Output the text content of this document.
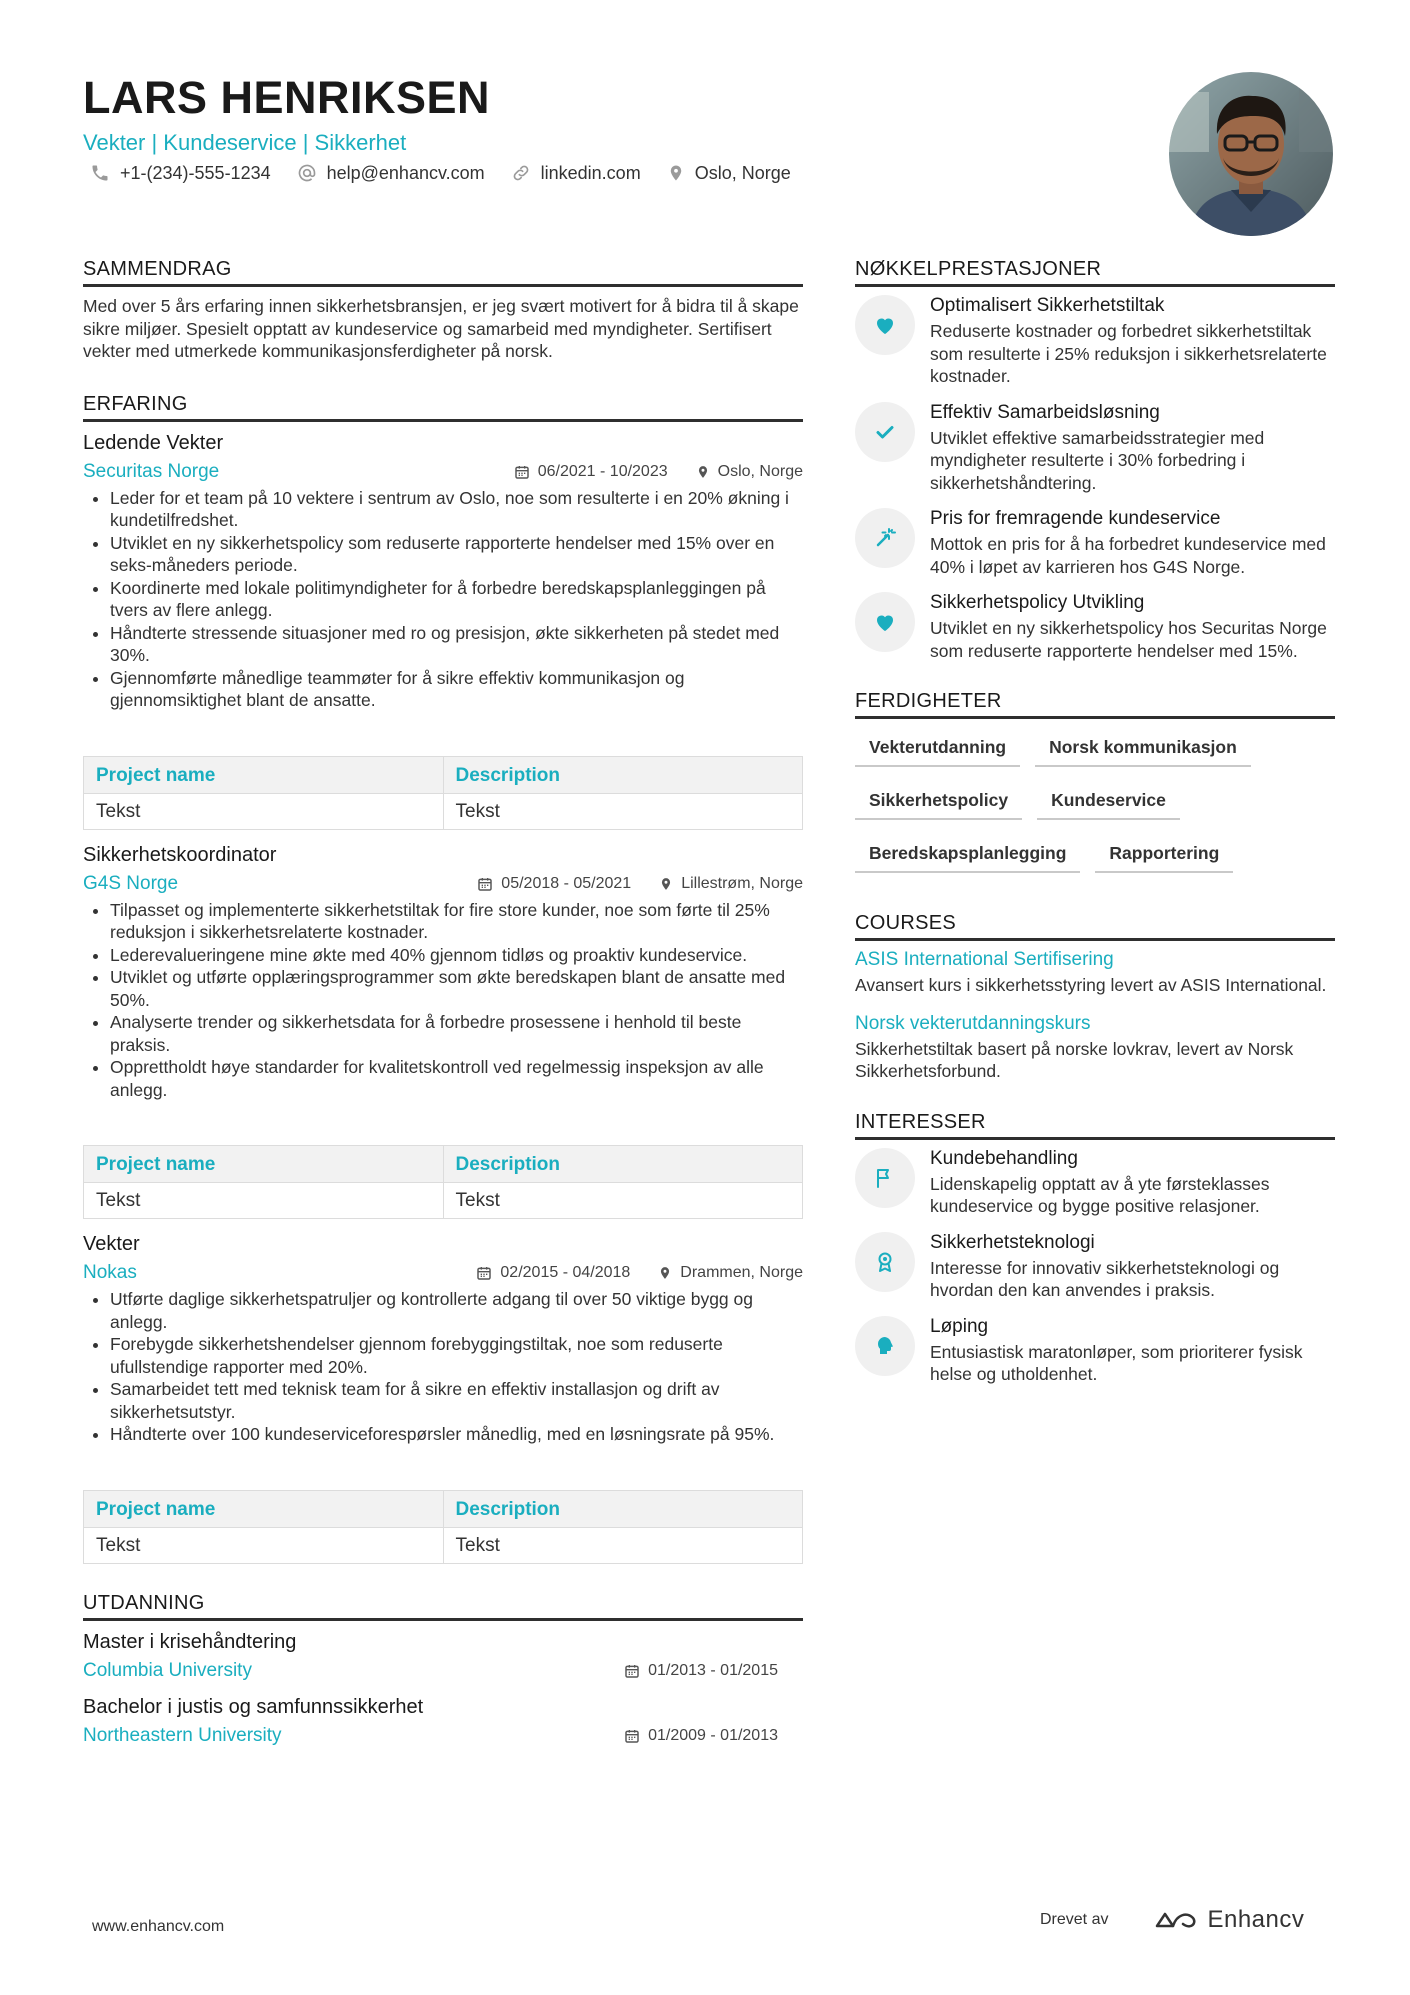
LARS HENRIKSEN
Vekter | Kundeservice | Sikkerhet
+1-(234)-555-1234	help@enhancv.com	linkedin.com	Oslo, Norge
SAMMENDRAG

Med over 5 års erfaring innen sikkerhetsbransjen, er jeg svært motivert for å bidra til å skape sikre miljøer. Spesielt opptatt av kundeservice og samarbeid med myndigheter. Sertifisert vekter med utmerkede kommunikasjonsferdigheter på norsk.

ERFARING
Ledende Vekter
Securitas Norge	06/2021 - 10/2023	Oslo, Norge
• Leder for et team på 10 vektere i sentrum av Oslo, noe som resulterte i en 20% økning i kundetilfredshet.
• Utviklet en ny sikkerhetspolicy som reduserte rapporterte hendelser med 15% over en seks-måneders periode.
• Koordinerte med lokale politimyndigheter for å forbedre beredskapsplanleggingen på tvers av flere anlegg.
• Håndterte stressende situasjoner med ro og presisjon, økte sikkerheten på stedet med 30%.
• Gjennomførte månedlige teammøter for å sikre effektiv kommunikasjon og gjennomsiktighet blant de ansatte.
Project name	Description
Tekst	Tekst
Sikkerhetskoordinator
G4S Norge	05/2018 - 05/2021	Lillestrøm, Norge
• Tilpasset og implementerte sikkerhetstiltak for fire store kunder, noe som førte til 25% reduksjon i sikkerhetsrelaterte kostnader.
• Lederevalueringene mine økte med 40% gjennom tidløs og proaktiv kundeservice.
• Utviklet og utførte opplæringsprogrammer som økte beredskapen blant de ansatte med 50%.
• Analyserte trender og sikkerhetsdata for å forbedre prosessene i henhold til beste praksis.
• Opprettholdt høye standarder for kvalitetskontroll ved regelmessig inspeksjon av alle anlegg.
Project name	Description
Tekst	Tekst
Vekter
Nokas	02/2015 - 04/2018	Drammen, Norge
• Utførte daglige sikkerhetspatruljer og kontrollerte adgang til over 50 viktige bygg og anlegg.
• Forebygde sikkerhetshendelser gjennom forebyggingstiltak, noe som reduserte ufullstendige rapporter med 20%.
• Samarbeidet tett med teknisk team for å sikre en effektiv installasjon og drift av sikkerhetsutstyr.
• Håndterte over 100 kundeserviceforespørsler månedlig, med en løsningsrate på 95%.
Project name	Description
Tekst	Tekst
UTDANNING
Master i krisehåndtering
Columbia University	01/2013 - 01/2015
Bachelor i justis og samfunnssikkerhet
Northeastern University	01/2009 - 01/2013
NØKKELPRESTASJONER
Optimalisert Sikkerhetstiltak
Reduserte kostnader og forbedret sikkerhetstiltak som resulterte i 25% reduksjon i sikkerhetsrelaterte kostnader.
Effektiv Samarbeidsløsning
Utviklet effektive samarbeidsstrategier med myndigheter resulterte i 30% forbedring i sikkerhetshåndtering.
Pris for fremragende kundeservice
Mottok en pris for å ha forbedret kundeservice med 40% i løpet av karrieren hos G4S Norge.
Sikkerhetspolicy Utvikling
Utviklet en ny sikkerhetspolicy hos Securitas Norge som reduserte rapporterte hendelser med 15%.
FERDIGHETER
Vekterutdanning	Norsk kommunikasjon
Sikkerhetspolicy	Kundeservice
Beredskapsplanlegging	Rapportering
COURSES
ASIS International Sertifisering
Avansert kurs i sikkerhetsstyring levert av ASIS International.
Norsk vekterutdanningskurs
Sikkerhetstiltak basert på norske lovkrav, levert av Norsk Sikkerhetsforbund.
INTERESSER
Kundebehandling
Lidenskapelig opptatt av å yte førsteklasses kundeservice og bygge positive relasjoner.
Sikkerhetsteknologi
Interesse for innovativ sikkerhetsteknologi og hvordan den kan anvendes i praksis.
Løping
Entusiastisk maratonløper, som prioriterer fysisk helse og utholdenhet.
www.enhancv.com	Drevet av	Enhancv
